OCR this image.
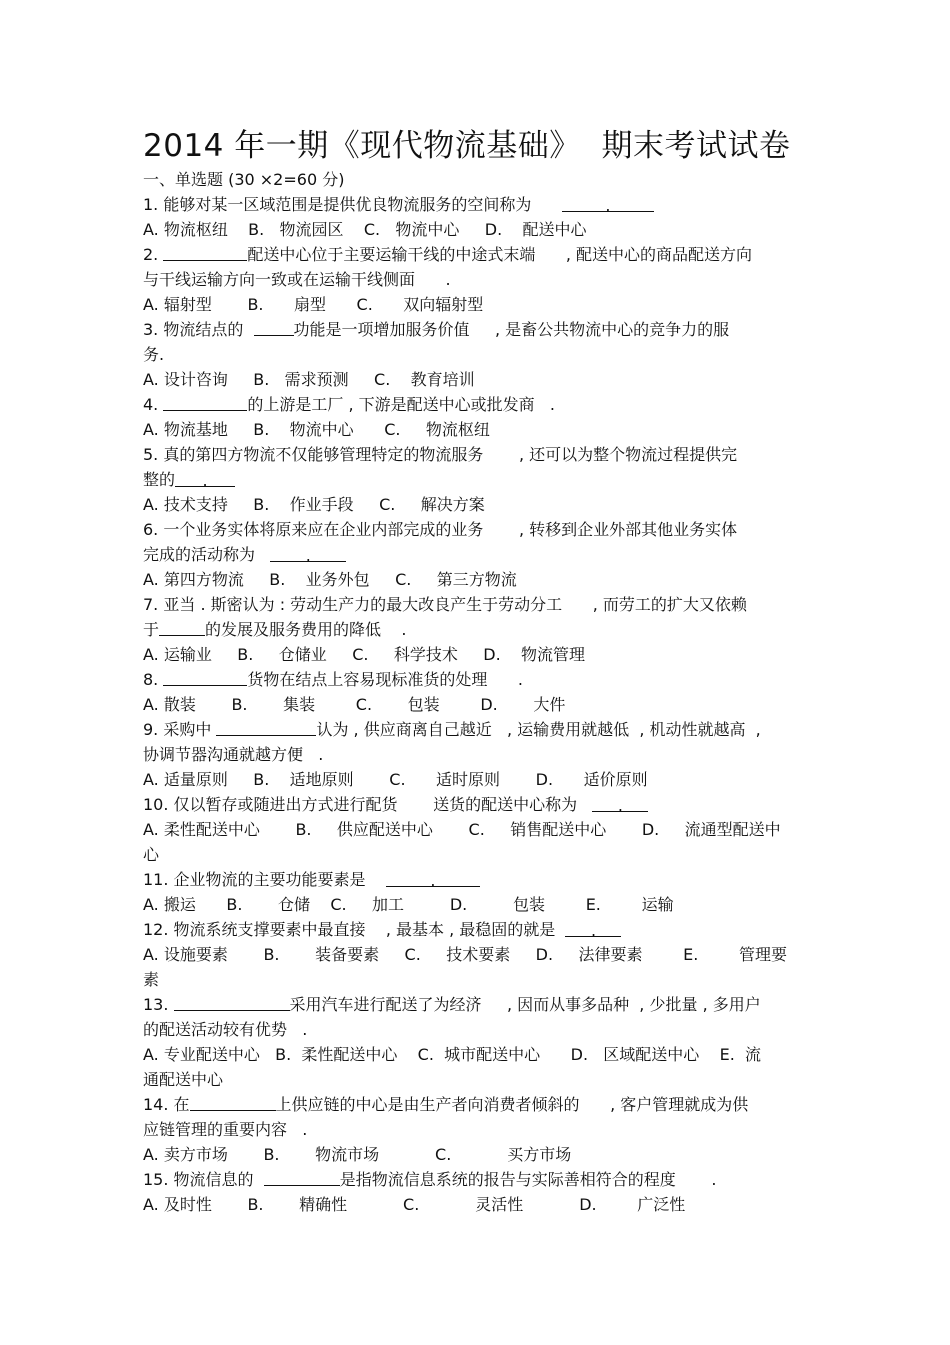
2014 年一期《现代物流基础》  期末考试试卷
一、单选题 (30 ×2=60 分)
1. 能够对某一区域范围是提供优良物流服务的空间称为	.
A. 物流枢纽    B.   物流园区    C.   物流中心     D.    配送中心
2.	配送中心位于主要运输干线的中途式末端      , 配送中心的商品配送方向
与干线运输方向一致或在运输干线侧面      .
A. 辐射型       B.      扇型      C.      双向辐射型
3. 物流结点的	功能是一项增加服务价值     , 是畜公共物流中心的竞争力的服
务.
A. 设计咨询     B.   需求预测     C.    教育培训
4.	的上游是工厂 , 下游是配送中心或批发商   .
A. 物流基地     B.    物流中心      C.     物流枢纽
5. 真的第四方物流不仅能够管理特定的物流服务       , 还可以为整个物流过程提供完
整的 .
A. 技术支持     B.    作业手段     C.     解决方案
6. 一个业务实体将原来应在企业内部完成的业务       , 转移到企业外部其他业务实体
完成的活动称为   .
A. 第四方物流     B.    业务外包     C.     第三方物流
7. 亚当 . 斯密认为 : 劳动生产力的最大改良产生于劳动分工      , 而劳工的扩大又依赖
于	的发展及服务费用的降低    .
A. 运输业     B.     仓储业     C.     科学技术     D.    物流管理
8.	货物在结点上容易现标准货的处理      .
A. 散装       B.       集装        C.       包装        D.       大件
9. 采购中	认为 , 供应商离自己越近   , 运输费用就越低  , 机动性就越高  ,
协调节器沟通就越方便   .
A. 适量原则     B.    适地原则       C.      适时原则       D.      适价原则
10. 仅以暂存或随进出方式进行配货       送货的配送中心称为   .
A. 柔性配送中心       B.     供应配送中心       C.     销售配送中心       D.     流通型配送中
心
11. 企业物流的主要功能要素是	.
A. 搬运      B.       仓储    C.     加工         D.         包装        E.        运输
12. 物流系统支撑要素中最直接    , 最基本 , 最稳固的就是  .
A. 设施要素       B.       装备要素     C.     技术要素     D.     法律要素        E.        管理要
素
13.	采用汽车进行配送了为经济     , 因而从事多品种  , 少批量 , 多用户
的配送活动较有优势   .
A. 专业配送中心   B.  柔性配送中心    C.  城市配送中心      D.   区域配送中心    E.  流
通配送中心
14. 在	上供应链的中心是由生产者向消费者倾斜的      , 客户管理就成为供
应链管理的重要内容   .
A. 卖方市场       B.       物流市场           C.           买方市场
15. 物流信息的	是指物流信息系统的报告与实际善相符合的程度       .
A. 及时性       B.       精确性           C.           灵活性           D.        广泛性
